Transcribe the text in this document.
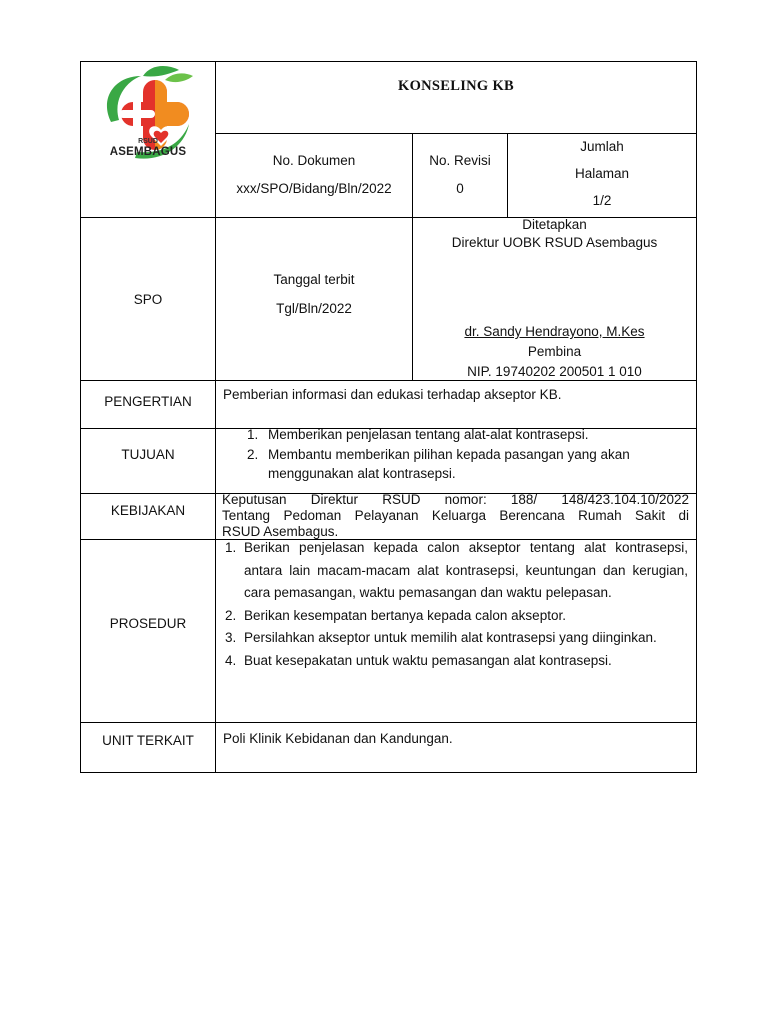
RSUD
ASEMBAGUS
KONSELING KB
No. Dokumen
xxx/SPO/Bidang/Bln/2022
No. Revisi
0
Jumlah
Halaman
1/2
SPO
Tanggal terbit
Tgl/Bln/2022
Ditetapkan
Direktur UOBK RSUD Asembagus
dr. Sandy Hendrayono, M.Kes
Pembina
NIP. 19740202 200501 1 010
PENGERTIAN	Pemberian informasi dan edukasi terhadap akseptor KB.
TUJUAN
1. Memberikan penjelasan tentang alat-alat kontrasepsi.
2. Membantu memberikan pilihan kepada pasangan yang akan menggunakan alat kontrasepsi.
KEBIJAKAN
Keputusan Direktur RSUD nomor: 188/ 148/423.104.10/2022
Tentang Pedoman Pelayanan Keluarga Berencana Rumah Sakit di
RSUD Asembagus.
PROSEDUR
1. Berikan penjelasan kepada calon akseptor tentang alat kontrasepsi, antara lain macam-macam alat kontrasepsi, keuntungan dan kerugian, cara pemasangan, waktu pemasangan dan waktu pelepasan.
2. Berikan kesempatan bertanya kepada calon akseptor.
3. Persilahkan akseptor untuk memilih alat kontrasepsi yang diinginkan.
4. Buat kesepakatan untuk waktu pemasangan alat kontrasepsi.
UNIT TERKAIT	Poli Klinik Kebidanan dan Kandungan.
